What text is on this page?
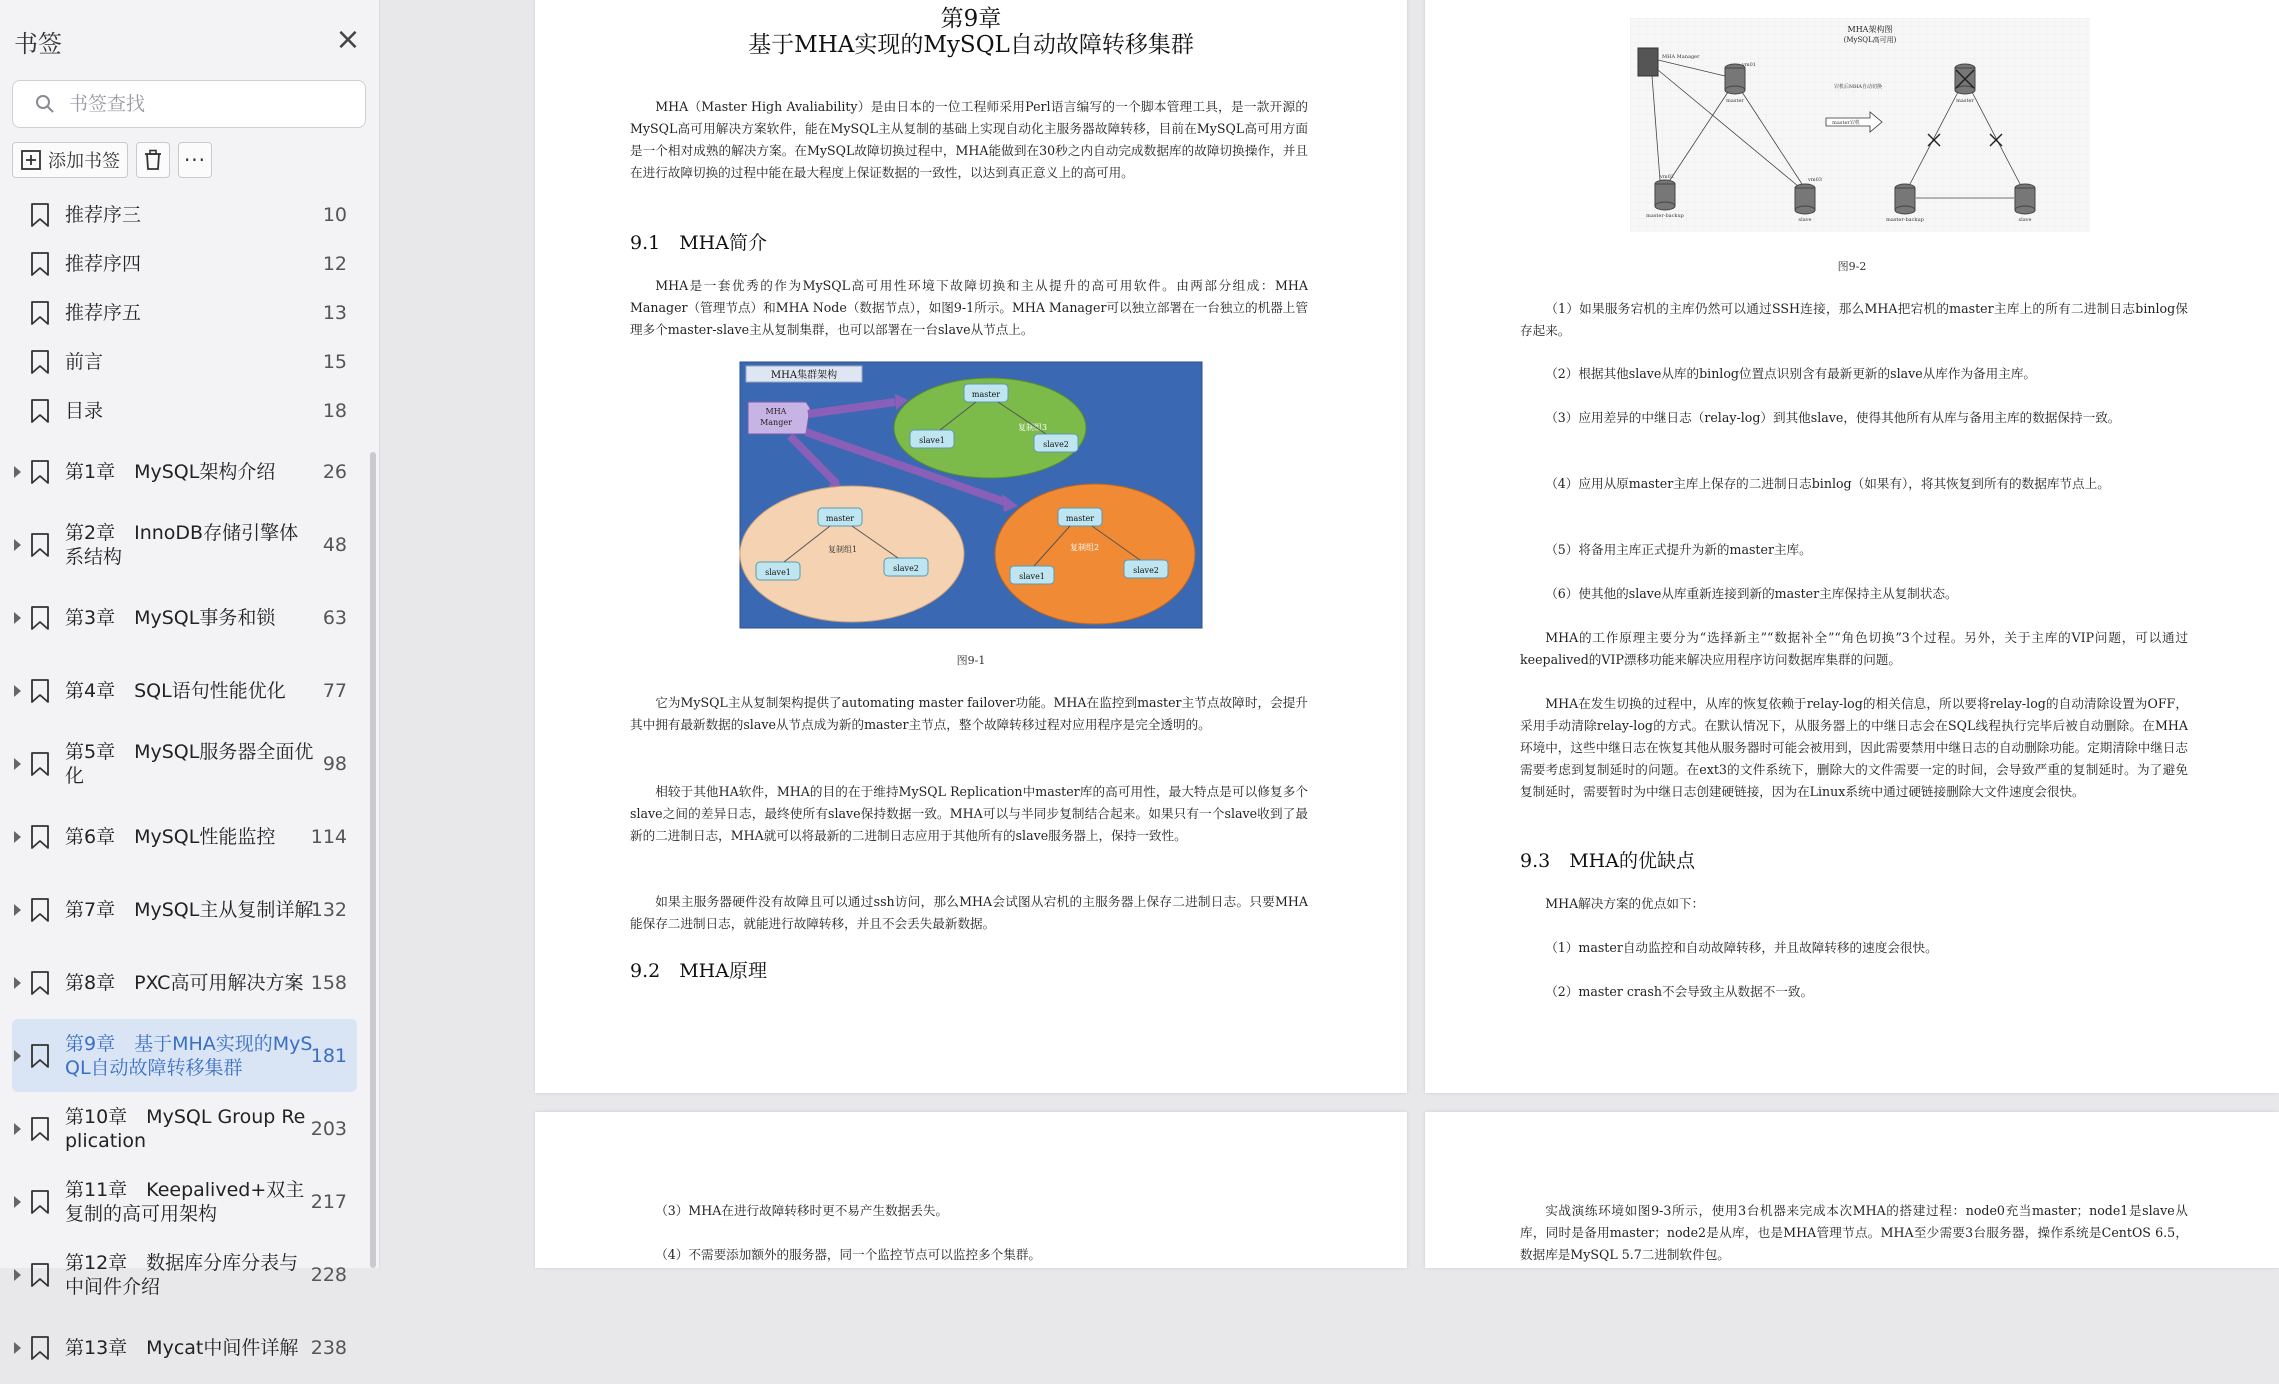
书签	×
书签查找
添加书签	···
推荐序三	10
推荐序四	12
推荐序五	13
前言	15
目录	18
第1章　MySQL架构介绍	26
第2章　InnoDB存储引擎体系结构
48
第3章　MySQL事务和锁	63
第4章　SQL语句性能优化	77
第5章　MySQL服务器全面优化
98
第6章　MySQL性能监控	114
第7章　MySQL主从复制详解
132
第8章　PXC高可用解决方案 158
第9章　基于MHA实现的MySQL自动故障转移集群
181
第10章　MySQL Group Replication
203
第11章　Keepalived+双主复制的高可用架构
217
第12章　数据库分库分表与中间件介绍
228
第13章　Mycat中间件详解 238
第9章
基于MHA实现的MySQL自动故障转移集群
MHA（Master High Avaliability）是由日本的一位工程师采用Perl语言编写的一个脚本管理工具，是一款开源的MySQL高可用解决方案软件，能在MySQL主从复制的基础上实现自动化主服务器故障转移，目前在MySQL高可用方面是一个相对成熟的解决方案。在MySQL故障切换过程中，MHA能做到在30秒之内自动完成数据库的故障切换操作，并且在进行故障切换的过程中能在最大程度上保证数据的一致性，以达到真正意义上的高可用。
9.1　MHA简介
MHA是一套优秀的作为MySQL高可用性环境下故障切换和主从提升的高可用软件。由两部分组成：MHA Manager（管理节点）和MHA Node（数据节点），如图9-1所示。MHA Manager可以独立部署在一台独立的机器上管理多个master-slave主从复制集群，也可以部署在一台slave从节点上。
MHA集群架构
MHA
Manger
复制组3
复制组1	复制组2
master
slave1	slave2
master
slave1	slave2
master
slave1
slave2
图9-1
它为MySQL主从复制架构提供了automating master failover功能。MHA在监控到master主节点故障时，会提升其中拥有最新数据的slave从节点成为新的master主节点，整个故障转移过程对应用程序是完全透明的。
相较于其他HA软件，MHA的目的在于维持MySQL Replication中master库的高可用性，最大特点是可以修复多个slave之间的差异日志，最终使所有slave保持数据一致。MHA可以与半同步复制结合起来。如果只有一个slave收到了最新的二进制日志，MHA就可以将最新的二进制日志应用于其他所有的slave服务器上，保持一致性。
如果主服务器硬件没有故障且可以通过ssh访问，那么MHA会试图从宕机的主服务器上保存二进制日志。只要MHA能保存二进制日志，就能进行故障转移，并且不会丢失最新数据。
9.2　MHA原理
MHA架构图
(MySQL高可用)
MHA Manager
vm01
master
vm02
master-backup
vm03
slave
宕机后MHA自动切换
master宕机
master
master-backup	slave
图9-2
（1）如果服务宕机的主库仍然可以通过SSH连接，那么MHA把宕机的master主库上的所有二进制日志binlog保存起来。
（2）根据其他slave从库的binlog位置点识别含有最新更新的slave从库作为备用主库。
（3）应用差异的中继日志（relay-log）到其他slave，使得其他所有从库与备用主库的数据保持一致。
（4）应用从原master主库上保存的二进制日志binlog（如果有），将其恢复到所有的数据库节点上。
（5）将备用主库正式提升为新的master主库。
（6）使其他的slave从库重新连接到新的master主库保持主从复制状态。
MHA的工作原理主要分为“选择新主”“数据补全”“角色切换”3个过程。另外，关于主库的VIP问题，可以通过keepalived的VIP漂移功能来解决应用程序访问数据库集群的问题。
MHA在发生切换的过程中，从库的恢复依赖于relay-log的相关信息，所以要将relay-log的自动清除设置为OFF，采用手动清除relay-log的方式。在默认情况下，从服务器上的中继日志会在SQL线程执行完毕后被自动删除。在MHA环境中，这些中继日志在恢复其他从服务器时可能会被用到，因此需要禁用中继日志的自动删除功能。定期清除中继日志需要考虑到复制延时的问题。在ext3的文件系统下，删除大的文件需要一定的时间，会导致严重的复制延时。为了避免复制延时，需要暂时为中继日志创建硬链接，因为在Linux系统中通过硬链接删除大文件速度会很快。
9.3　MHA的优缺点
MHA解决方案的优点如下：
（1）master自动监控和自动故障转移，并且故障转移的速度会很快。
（2）master crash不会导致主从数据不一致。
（3）MHA在进行故障转移时更不易产生数据丢失。
（4）不需要添加额外的服务器，同一个监控节点可以监控多个集群。
实战演练环境如图9-3所示，使用3台机器来完成本次MHA的搭建过程：node0充当master；node1是slave从库，同时是备用master；node2是从库，也是MHA管理节点。MHA至少需要3台服务器，操作系统是CentOS 6.5，数据库是MySQL 5.7二进制软件包。
